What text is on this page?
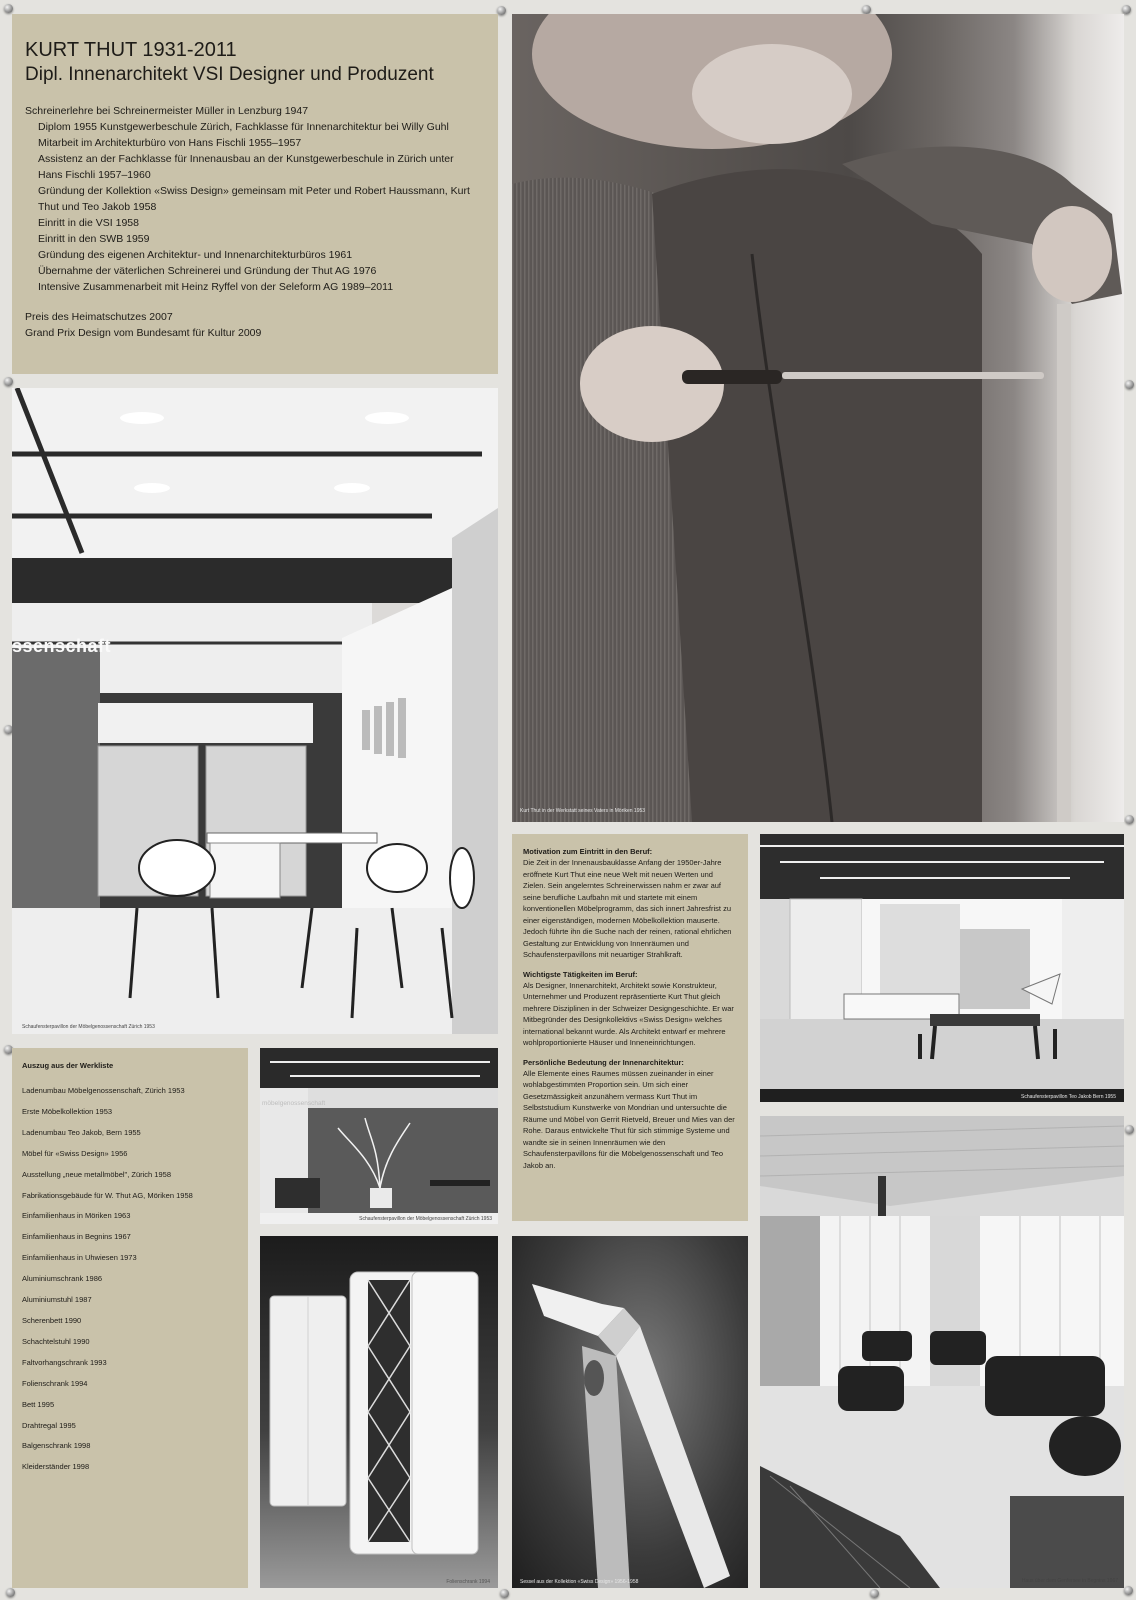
KURT THUT 1931-2011
Dipl. Innenarchitekt VSI Designer und Produzent

Schreinerlehre bei Schreinermeister Müller in Lenzburg 1947

Diplom 1955 Kunstgewerbeschule Zürich, Fachklasse für Innenarchitektur bei Willy Guhl

Mitarbeit im Architekturbüro von Hans Fischli 1955–1957

Assistenz an der Fachklasse für Innenausbau an der Kunstgewerbeschule in Zürich unter

Hans Fischli 1957–1960

Gründung der Kollektion «Swiss Design» gemeinsam mit Peter und Robert Haussmann, Kurt

Thut und Teo Jakob 1958

Einritt in die VSI 1958

Einritt in den SWB 1959

Gründung des eigenen Architektur- und Innenarchitekturbüros 1961

Übernahme der väterlichen Schreinerei und Gründung der Thut AG 1976

Intensive Zusammenarbeit mit Heinz Ryffel von der Seleform AG 1989–2011

Preis des Heimatschutzes 2007

Grand Prix Design vom Bundesamt für Kultur 2009

Kurt Thut in der Werkstatt seines Vaters in Möriken 1953
ssenschaft
Schaufensterpavillon der Möbelgenossenschaft Zürich 1953
Motivation zum Eintritt in den Beruf:

Die Zeit in der Innenausbauklasse Anfang der 1950er-Jahre eröffnete Kurt Thut eine neue Welt mit neuen Werten und Zielen. Sein angelerntes Schreinerwissen nahm er zwar auf seine berufliche Laufbahn mit und startete mit einem konventionellen Möbelprogramm, das sich innert Jahresfrist zu einer eigenständigen, modernen Möbelkollektion mauserte. Jedoch führte ihn die Suche nach der reinen, rational ehrlichen Gestaltung zur Entwicklung von Innenräumen und Schaufensterpavillons mit neuartiger Strahlkraft.

Wichtigste Tätigkeiten im Beruf:

Als Designer, Innenarchitekt, Architekt sowie Konstrukteur, Unternehmer und Produzent repräsentierte Kurt Thut gleich mehrere Disziplinen in der Schweizer Designgeschichte. Er war Mitbegründer des Designkollektivs «Swiss Design» welches international bekannt wurde. Als Architekt entwarf er mehrere wohlproportionierte Häuser und Inneneinrichtungen.

Persönliche Bedeutung der Innenarchitektur:

Alle Elemente eines Raumes müssen zueinander in einer wohlabgestimmten Proportion sein. Um sich einer Gesetzmässigkeit anzunähern vermass Kurt Thut im Selbststudium Kunstwerke von Mondrian und untersuchte die Räume und Möbel von Gerrit Rietveld, Breuer und Mies van der Rohe. Daraus entwickelte Thut für sich stimmige Systeme und wandte sie in seinen Innenräumen wie den Schaufensterpavillons für die Möbelgenossenschaft und Teo Jakob an.

Schaufensterpavillon Teo Jakob Bern 1955
Auszug aus der Werkliste

Ladenumbau Möbelgenossenschaft, Zürich 1953

Erste Möbelkollektion 1953

Ladenumbau Teo Jakob, Bern 1955

Möbel für «Swiss Design» 1956

Ausstellung „neue metallmöbel", Zürich 1958

Fabrikationsgebäude für W. Thut AG, Möriken 1958

Einfamilienhaus in Möriken 1963

Einfamilienhaus in Begnins 1967

Einfamilienhaus in Uhwiesen 1973

Aluminiumschrank 1986

Aluminiumstuhl 1987

Scherenbett 1990

Schachtelstuhl 1990

Faltvorhangschrank 1993

Folienschrank 1994

Bett 1995

Drahtregal 1995

Balgenschrank 1998

Kleiderständer 1998

möbelgenossenschaft
Schaufensterpavillon der Möbelgenossenschaft Zürich 1953
Folienschrank 1994	Sessel aus der Kollektion «Swiss Design» 1956-1958	Haus über dem Genfersee in Begnins 1967
